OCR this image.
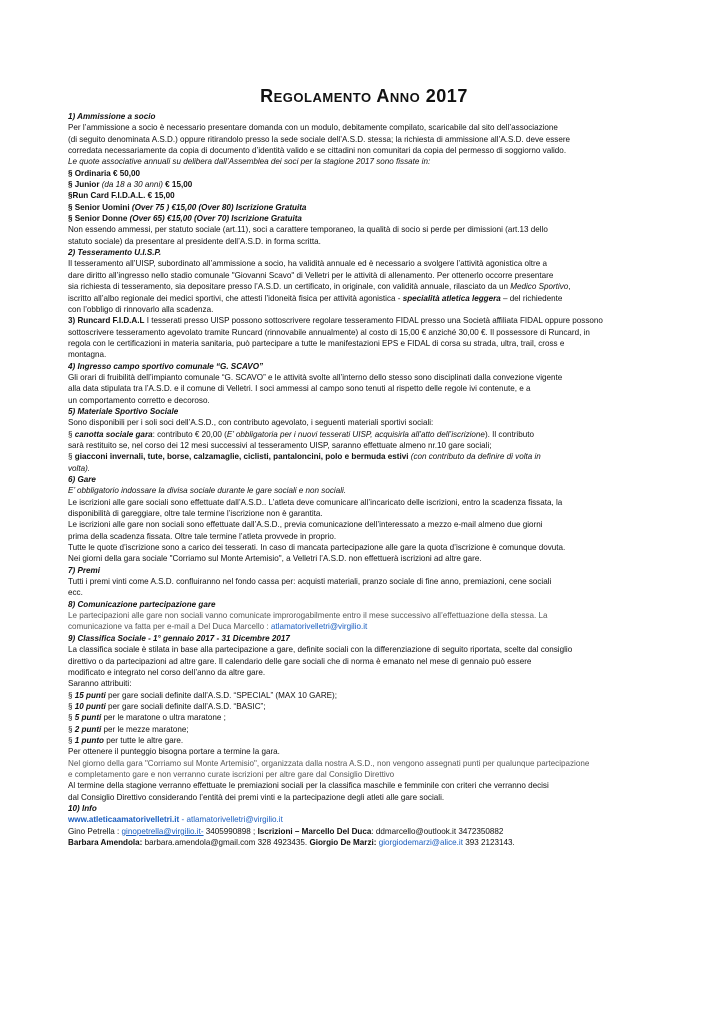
Regolamento Anno 2017
1) Ammissione a socio
Per l’ammissione a socio è necessario presentare domanda con un modulo, debitamente compilato, scaricabile dal sito dell’associazione
(di seguito denominata A.S.D.) oppure ritirandolo presso la sede sociale dell’A.S.D. stessa; la richiesta di ammissione all’A.S.D. deve essere
corredata necessariamente da copia di documento d’identità valido e se cittadini non comunitari da copia del permesso di soggiorno valido.
Le quote associative annuali su delibera dall’Assemblea dei soci per la stagione 2017 sono fissate in:
§ Ordinaria € 50,00
§ Junior (da 18 a 30 anni) € 15,00
§Run Card F.I.D.A.L. € 15,00
§ Senior Uomini (Over 75 ) €15,00 (Over 80) Iscrizione Gratuita
§ Senior Donne (Over 65) €15,00 (Over 70) Iscrizione Gratuita
Non essendo ammessi, per statuto sociale (art.11), soci a carattere temporaneo, la qualità di socio si perde per dimissioni (art.13 dello
statuto sociale) da presentare al presidente dell’A.S.D. in forma scritta.
2) Tesseramento U.I.S.P.
Il tesseramento all’UISP, subordinato all’ammissione a socio, ha validità annuale ed è necessario a svolgere l’attività agonistica oltre a
dare diritto all’ingresso nello stadio comunale "Giovanni Scavo" di Velletri per le attività di allenamento. Per ottenerlo occorre presentare
sia richiesta di tesseramento, sia depositare presso l’A.S.D. un certificato, in originale, con validità annuale, rilasciato da un Medico Sportivo,
iscritto all’albo regionale dei medici sportivi, che attesti l’idoneità fisica per attività agonistica - specialità atletica leggera – del richiedente
con l’obbligo di rinnovarlo alla scadenza.
3) Runcard F.I.D.A.L I tesserati presso UISP possono sottoscrivere regolare tesseramento FIDAL presso una Società affiliata FIDAL oppure possono
sottoscrivere tesseramento agevolato tramite Runcard (rinnovabile annualmente) al costo di 15,00 € anziché 30,00 €. Il possessore di Runcard, in
regola con le certificazioni in materia sanitaria, può partecipare a tutte le manifestazioni EPS e FIDAL di corsa su strada, ultra, trail, cross e
montagna.
4) Ingresso campo sportivo comunale “G. SCAVO”
Gli orari di fruibilità dell’impianto comunale “G. SCAVO” e le attività svolte all’interno dello stesso sono disciplinati dalla convezione vigente
alla data stipulata tra l’A.S.D. e il comune di Velletri. I soci ammessi al campo sono tenuti al rispetto delle regole ivi contenute, e a
un comportamento corretto e decoroso.
5) Materiale Sportivo Sociale
Sono disponibili per i soli soci dell’A.S.D., con contributo agevolato, i seguenti materiali sportivi sociali:
§ canotta sociale gara: contributo € 20,00 (E’ obbligatoria per i nuovi tesserati UISP, acquisirla all’atto dell’iscrizione). Il contributo
sarà restituito se, nel corso dei 12 mesi successivi al tesseramento UISP, saranno effettuate almeno nr.10 gare sociali;
§ giacconi invernali, tute, borse, calzamaglie, ciclisti, pantaloncini, polo e bermuda estivi (con contributo da definire di volta in
volta).
6) Gare
E’ obbligatorio indossare la divisa sociale durante le gare sociali e non sociali.
Le iscrizioni alle gare sociali sono effettuate dall’A.S.D.. L’atleta deve comunicare all’incaricato delle iscrizioni, entro la scadenza fissata, la
disponibilità di gareggiare, oltre tale termine l’iscrizione non è garantita.
Le iscrizioni alle gare non sociali sono effettuate dall’A.S.D., previa comunicazione dell’interessato a mezzo e-mail almeno due giorni
prima della scadenza fissata. Oltre tale termine l’atleta provvede in proprio.
Tutte le quote d’iscrizione sono a carico dei tesserati. In caso di mancata partecipazione alle gare la quota d’iscrizione è comunque dovuta.
Nei giorni della gara sociale "Corriamo sul Monte Artemisio", a Velletri l’A.S.D. non effettuerà iscrizioni ad altre gare.
7) Premi
Tutti i premi vinti come A.S.D. confluiranno nel fondo cassa per: acquisti materiali, pranzo sociale di fine anno, premiazioni, cene sociali
ecc.
8) Comunicazione partecipazione gare
Le partecipazioni alle gare non sociali vanno comunicate improrogabilmente entro il mese successivo all’effettuazione della stessa. La
comunicazione va fatta per e-mail a Del Duca Marcello : atlamatorivelletri@virgilio.it
9) Classifica Sociale - 1° gennaio 2017 - 31 Dicembre 2017
La classifica sociale è stilata in base alla partecipazione a gare, definite sociali con la differenziazione di seguito riportata, scelte dal consiglio
direttivo o da partecipazioni ad altre gare. Il calendario delle gare sociali che di norma è emanato nel mese di gennaio può essere
modificato e integrato nel corso dell’anno da altre gare.
Saranno attribuiti:
§ 15 punti per gare sociali definite dall’A.S.D. “SPECIAL” (MAX 10 GARE);
§ 10 punti per gare sociali definite dall’A.S.D. “BASIC”;
§ 5 punti per le maratone o ultra maratone ;
§ 2 punti per le mezze maratone;
§ 1 punto per tutte le altre gare.
Per ottenere il punteggio bisogna portare a termine la gara.
Nel giorno della gara "Corriamo sul Monte Artemisio", organizzata dalla nostra A.S.D., non vengono assegnati punti per qualunque partecipazione
e completamento gare e non verranno curate iscrizioni per altre gare dal Consiglio Direttivo
Al termine della stagione verranno effettuate le premiazioni sociali per la classifica maschile e femminile con criteri che verranno decisi
dal Consiglio Direttivo considerando l’entità dei premi vinti e la partecipazione degli atleti alle gare sociali.
10) Info
www.atleticaamatorivelletri.it - atlamatorivelletri@virgilio.it
Gino Petrella : ginopetrella@virgilio.it- 3405990898 ; Iscrizioni – Marcello Del Duca: ddmarcello@outlook.it 3472350882
Barbara Amendola: barbara.amendola@gmail.com 328 4923435. Giorgio De Marzi: giorgiodemarzi@alice.it 393 2123143.
